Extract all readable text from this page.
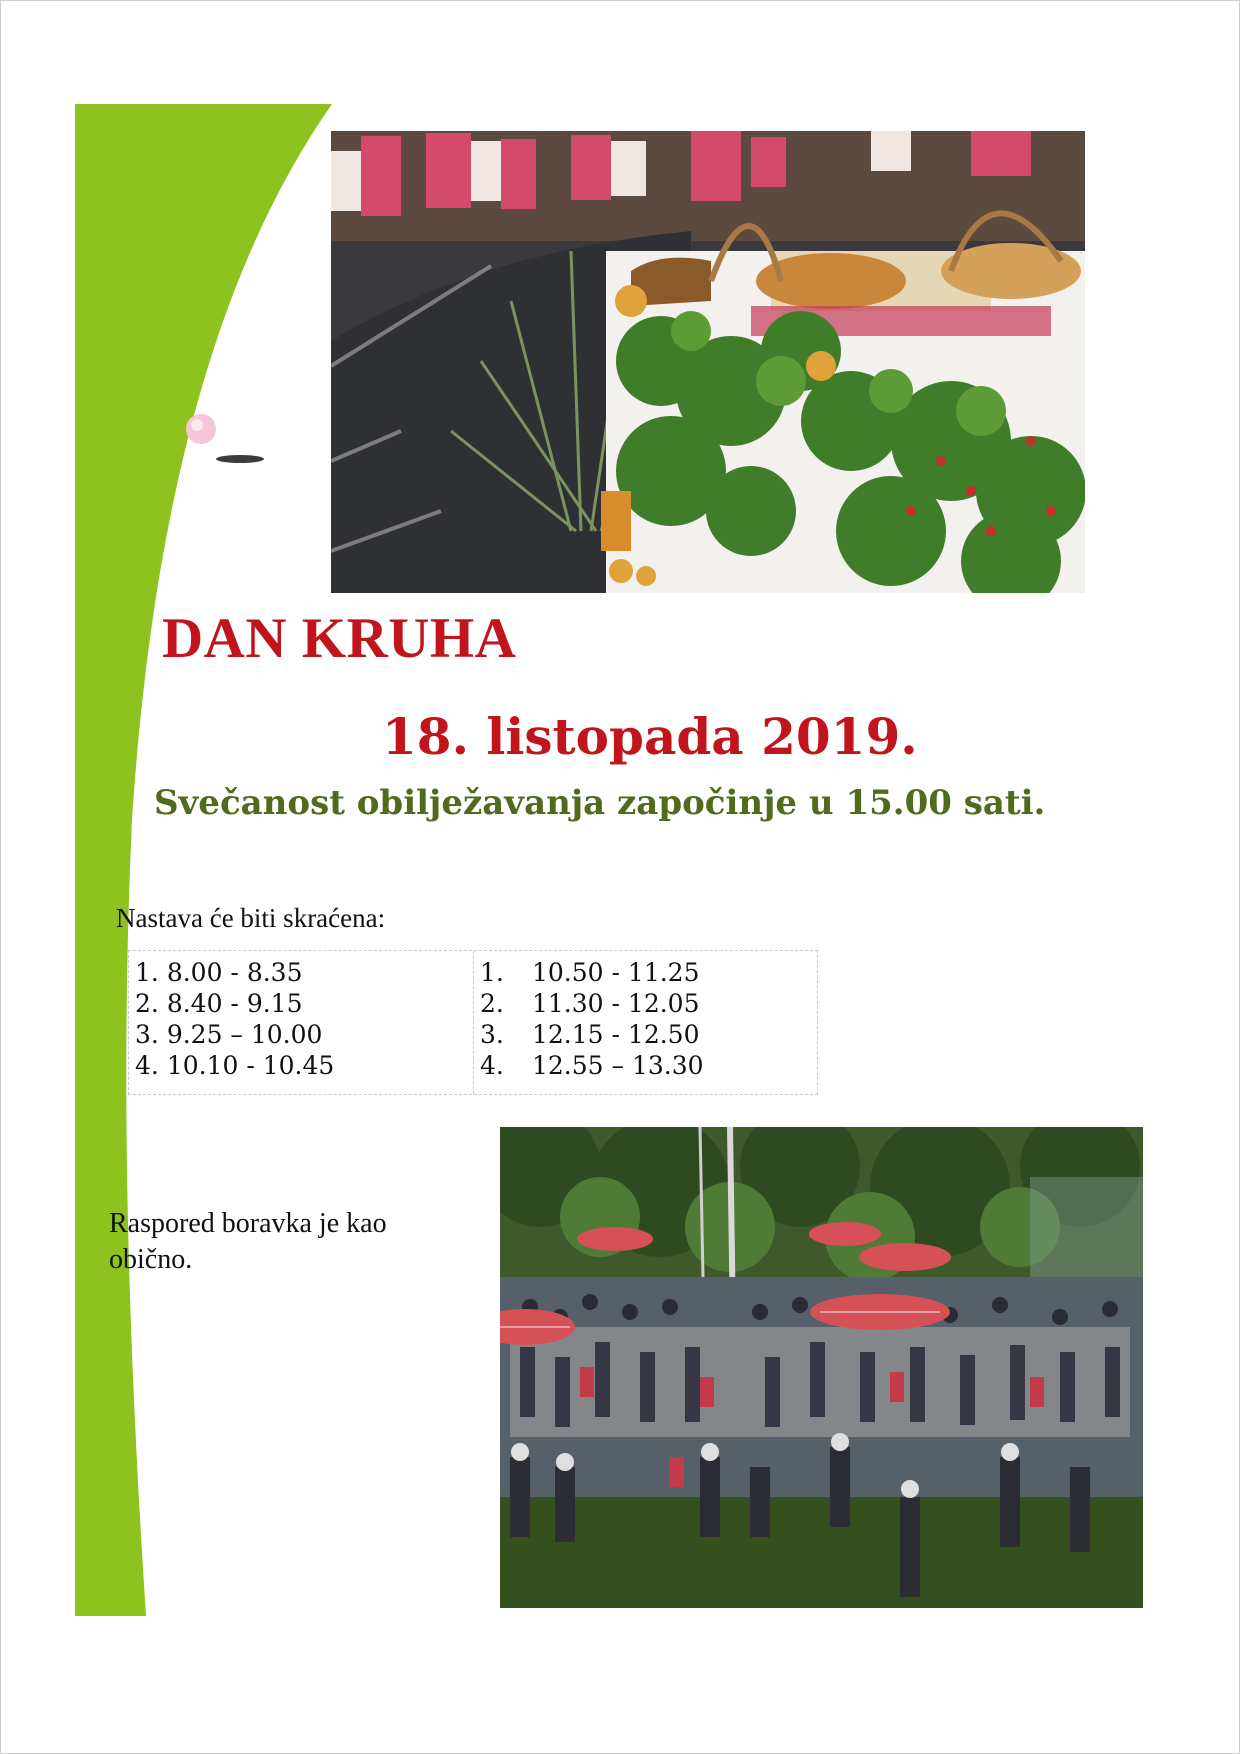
DAN KRUHA
18. listopada 2019.
Svečanost obilježavanja započinje u 15.00 sati.

Nastava će biti skraćena:

1. 8.00 - 8.35
2. 8.40 - 9.15
3. 9.25 – 10.00
4. 10.10 - 10.45
1. 10.50 - 11.25
2. 11.30 - 12.05
3. 12.15 - 12.50
4. 12.55 – 13.30

Raspored boravka je kao obično.
